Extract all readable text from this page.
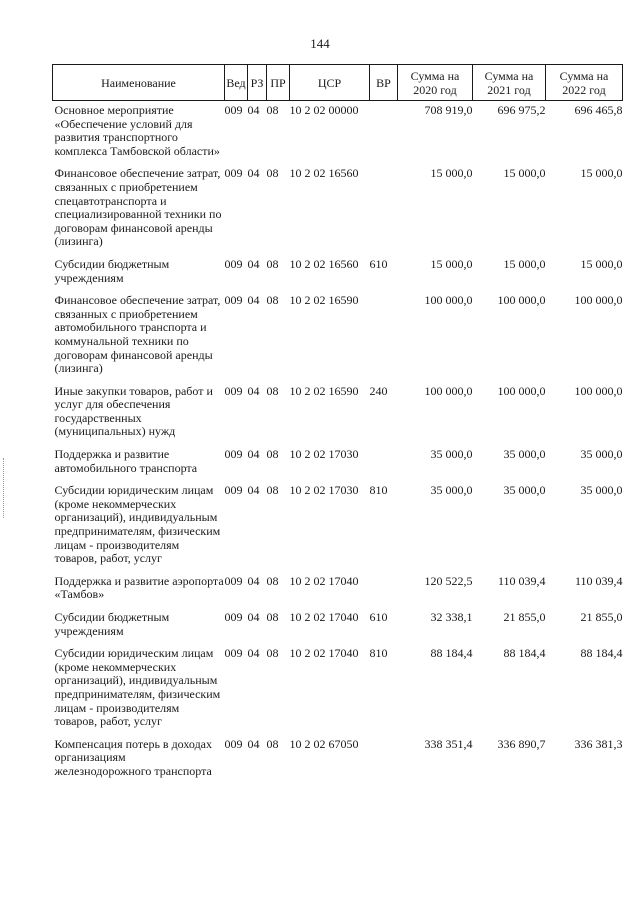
144
Наименование	Вед	РЗ	ПР	ЦСР	ВР	Сумма на 2020 год	Сумма на 2021 год	Сумма на 2022 год
Основное мероприятие «Обеспечение условий для развития транспортного комплекса Тамбовской области»	009	04	08	10 2 02 00000		708 919,0	696 975,2	696 465,8
Финансовое обеспечение затрат, связанных с приобретением спецавтотранспорта и специализированной техники по договорам финансовой аренды (лизинга)	009	04	08	10 2 02 16560		15 000,0	15 000,0	15 000,0
Субсидии бюджетным учреждениям	009	04	08	10 2 02 16560	610	15 000,0	15 000,0	15 000,0
Финансовое обеспечение затрат, связанных с приобретением автомобильного транспорта и коммунальной техники по договорам финансовой аренды (лизинга)	009	04	08	10 2 02 16590		100 000,0	100 000,0	100 000,0
Иные закупки товаров, работ и услуг для обеспечения государственных (муниципальных) нужд	009	04	08	10 2 02 16590	240	100 000,0	100 000,0	100 000,0
Поддержка и развитие автомобильного транспорта	009	04	08	10 2 02 17030		35 000,0	35 000,0	35 000,0
Субсидии юридическим лицам (кроме некоммерческих организаций), индивидуальным предпринимателям, физическим лицам - производителям товаров, работ, услуг	009	04	08	10 2 02 17030	810	35 000,0	35 000,0	35 000,0
Поддержка и развитие аэропорта «Тамбов»	009	04	08	10 2 02 17040		120 522,5	110 039,4	110 039,4
Субсидии бюджетным учреждениям	009	04	08	10 2 02 17040	610	32 338,1	21 855,0	21 855,0
Субсидии юридическим лицам (кроме некоммерческих организаций), индивидуальным предпринимателям, физическим лицам - производителям товаров, работ, услуг	009	04	08	10 2 02 17040	810	88 184,4	88 184,4	88 184,4
Компенсация потерь в доходах организациям железнодорожного транспорта	009	04	08	10 2 02 67050		338 351,4	336 890,7	336 381,3
